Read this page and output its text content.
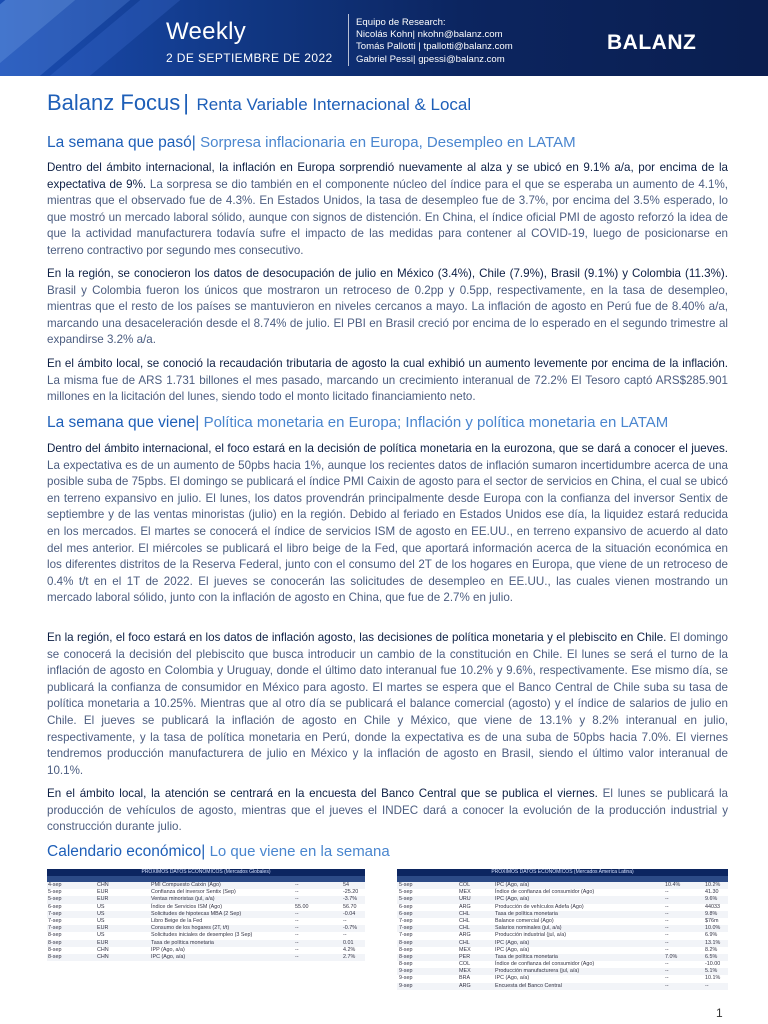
Weekly
2 DE SEPTIEMBRE DE 2022
Equipo de Research:
Nicolás Kohn| nkohn@balanz.com
Tomás Pallotti | tpallotti@balanz.com
Gabriel Pessi| gpessi@balanz.com
BALANZ
Balanz Focus | Renta Variable Internacional & Local
La semana que pasó| Sorpresa inflacionaria en Europa, Desempleo en LATAM
Dentro del ámbito internacional, la inflación en Europa sorprendió nuevamente al alza y se ubicó en 9.1% a/a, por encima de la expectativa de 9%. La sorpresa se dio también en el componente núcleo del índice para el que se esperaba un aumento de 4.1%, mientras que el observado fue de 4.3%. En Estados Unidos, la tasa de desempleo fue de 3.7%, por encima del 3.5% esperado, lo que mostró un mercado laboral sólido, aunque con signos de distención. En China, el índice oficial PMI de agosto reforzó la idea de que la actividad manufacturera todavía sufre el impacto de las medidas para contener al COVID-19, luego de posicionarse en terreno contractivo por segundo mes consecutivo.
En la región, se conocieron los datos de desocupación de julio en México (3.4%), Chile (7.9%), Brasil (9.1%) y Colombia (11.3%). Brasil y Colombia fueron los únicos que mostraron un retroceso de 0.2pp y 0.5pp, respectivamente, en la tasa de desempleo, mientras que el resto de los países se mantuvieron en niveles cercanos a mayo. La inflación de agosto en Perú fue de 8.40% a/a, marcando una desaceleración desde el 8.74% de julio. El PBI en Brasil creció por encima de lo esperado en el segundo trimestre al expandirse 3.2% a/a.
En el ámbito local, se conoció la recaudación tributaria de agosto la cual exhibió un aumento levemente por encima de la inflación. La misma fue de ARS 1.731 billones el mes pasado, marcando un crecimiento interanual de 72.2% El Tesoro captó ARS$285.901 millones en la licitación del lunes, siendo todo el monto licitado financiamiento neto.
La semana que viene| Política monetaria en Europa; Inflación y política monetaria en LATAM
Dentro del ámbito internacional, el foco estará en la decisión de política monetaria en la eurozona, que se dará a conocer el jueves. La expectativa es de un aumento de 50pbs hacia 1%, aunque los recientes datos de inflación sumaron incertidumbre acerca de una posible suba de 75pbs. El domingo se publicará el índice PMI Caixin de agosto para el sector de servicios en China, el cual se ubicó en terreno expansivo en julio. El lunes, los datos provendrán principalmente desde Europa con la confianza del inversor Sentix de septiembre y de las ventas minoristas (julio) en la región. Debido al feriado en Estados Unidos ese día, la liquidez estará reducida en los mercados. El martes se conocerá el índice de servicios ISM de agosto en EE.UU., en terreno expansivo de acuerdo al dato del mes anterior. El miércoles se publicará el libro beige de la Fed, que aportará información acerca de la situación económica en los diferentes distritos de la Reserva Federal, junto con el consumo del 2T de los hogares en Europa, que viene de un retroceso de 0.4% t/t en el 1T de 2022. El jueves se conocerán las solicitudes de desempleo en EE.UU., las cuales vienen mostrando un mercado laboral sólido, junto con la inflación de agosto en China, que fue de 2.7% en julio.
En la región, el foco estará en los datos de inflación agosto, las decisiones de política monetaria y el plebiscito en Chile. El domingo se conocerá la decisión del plebiscito que busca introducir un cambio de la constitución en Chile. El lunes se será el turno de la inflación de agosto en Colombia y Uruguay, donde el último dato interanual fue 10.2% y 9.6%, respectivamente. Ese mismo día, se publicará la confianza de consumidor en México para agosto. El martes se espera que el Banco Central de Chile suba su tasa de política monetaria a 10.25%. Mientras que al otro día se publicará el balance comercial (agosto) y el índice de salarios de julio en Chile. El jueves se publicará la inflación de agosto en Chile y México, que viene de 13.1% y 8.2% interanual en julio, respectivamente, y la tasa de política monetaria en Perú, donde la expectativa es de una suba de 50pbs hacia 7.0%. El viernes tendremos producción manufacturera de julio en México y la inflación de agosto en Brasil, siendo el último valor interanual de 10.1%.
En el ámbito local, la atención se centrará en la encuesta del Banco Central que se publica el viernes. El lunes se publicará la producción de vehículos de agosto, mientras que el jueves el INDEC dará a conocer la evolución de la producción industrial y construcción durante julio.
Calendario económico| Lo que viene en la semana
PROXIMOS DATOS ECONOMICOS (Mercados Globales)
4-sep	CHN	PMI Compuesto Caixin (Ago)	--	54
5-sep	EUR	Confianza del inversor Sentix (Sep)	--	-25.20
5-sep	EUR	Ventas minoristas (jul, a/a)	--	-3.7%
6-sep	US	Índice de Servicios ISM (Ago)	55.00	56.70
7-sep	US	Solicitudes de hipotecas MBA (2 Sep)	--	-0.04
7-sep	US	Libro Beige de la Fed	--	--
7-sep	EUR	Consumo de los hogares (2T, t/t)	--	-0.7%
8-sep	US	Solicitudes iniciales de desempleo (3 Sep)	--	--
8-sep	EUR	Tasa de política monetaria	--	0.01
8-sep	CHN	IPP (Ago, a/a)	--	4.2%
8-sep	CHN	IPC (Ago, a/a)	--	2.7%
PROXIMOS DATOS ECONOMICOS (Mercados America Latina)
5-sep	COL	IPC (Ago, a/a)	10.4%	10.2%
5-sep	MEX	Índice de confianza del consumidor (Ago)	--	41.30
5-sep	URU	IPC (Ago, a/a)	--	9.6%
6-sep	ARG	Producción de vehículos Adefa (Ago)	--	44033
6-sep	CHL	Tasa de política monetaria	--	9.8%
7-sep	CHL	Balance comercial (Ago)	--	$76m
7-sep	CHL	Salarios nominales (jul, a/a)	--	10.0%
7-sep	ARG	Producción industrial (jul, a/a)	--	6.9%
8-sep	CHL	IPC (Ago, a/a)	--	13.1%
8-sep	MEX	IPC (Ago, a/a)	--	8.2%
8-sep	PER	Tasa de política monetaria	7.0%	6.5%
8-sep	COL	Índice de confianza del consumidor (Ago)	--	-10.00
9-sep	MEX	Producción manufacturera (jul, a/a)	--	5.1%
9-sep	BRA	IPC (Ago, a/a)	--	10.1%
9-sep	ARG	Encuesta del Banco Central	--	--
1
